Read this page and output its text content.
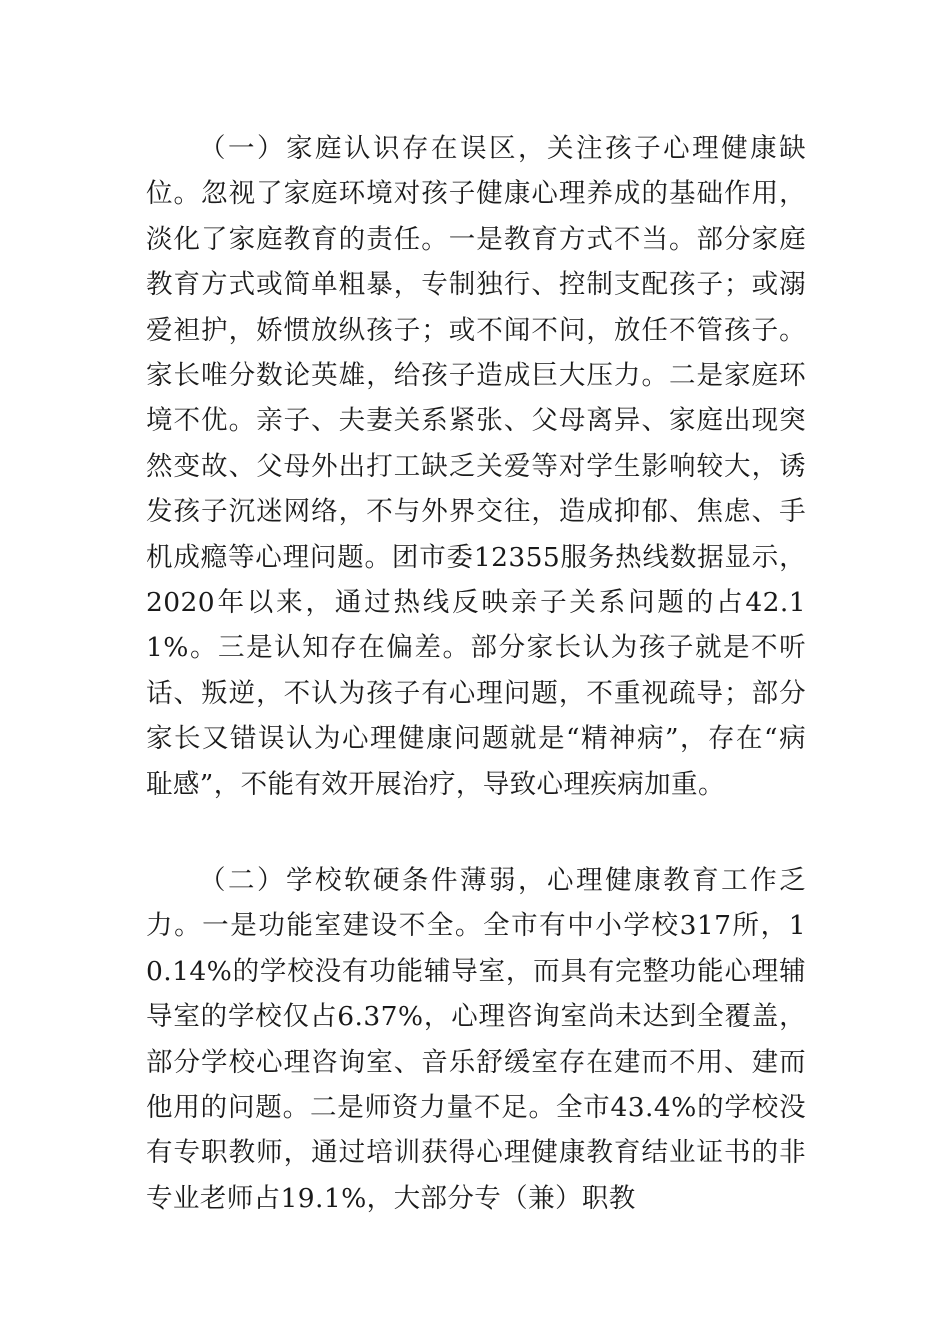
（一）家庭认识存在误区，关注孩子心理健康缺位。忽视了家庭环境对孩子健康心理养成的基础作用，淡化了家庭教育的责任。一是教育方式不当。部分家庭教育方式或简单粗暴，专制独行、控制支配孩子；或溺爱袒护，娇惯放纵孩子；或不闻不问，放任不管孩子。家长唯分数论英雄，给孩子造成巨大压力。二是家庭环境不优。亲子、夫妻关系紧张、父母离异、家庭出现突然变故、父母外出打工缺乏关爱等对学生影响较大，诱发孩子沉迷网络，不与外界交往，造成抑郁、焦虑、手机成瘾等心理问题。团市委12355服务热线数据显示，2020年以来，通过热线反映亲子关系问题的占42.11%。三是认知存在偏差。部分家长认为孩子就是不听话、叛逆，不认为孩子有心理问题，不重视疏导；部分家长又错误认为心理健康问题就是“精神病”，存在“病耻感”，不能有效开展治疗，导致心理疾病加重。

（二）学校软硬条件薄弱，心理健康教育工作乏力。一是功能室建设不全。全市有中小学校317所，10.14%的学校没有功能辅导室，而具有完整功能心理辅导室的学校仅占6.37%，心理咨询室尚未达到全覆盖，部分学校心理咨询室、音乐舒缓室存在建而不用、建而他用的问题。二是师资力量不足。全市43.4%的学校没有专职教师，通过培训获得心理健康教育结业证书的非专业老师占19.1%，大部分专（兼）职教
